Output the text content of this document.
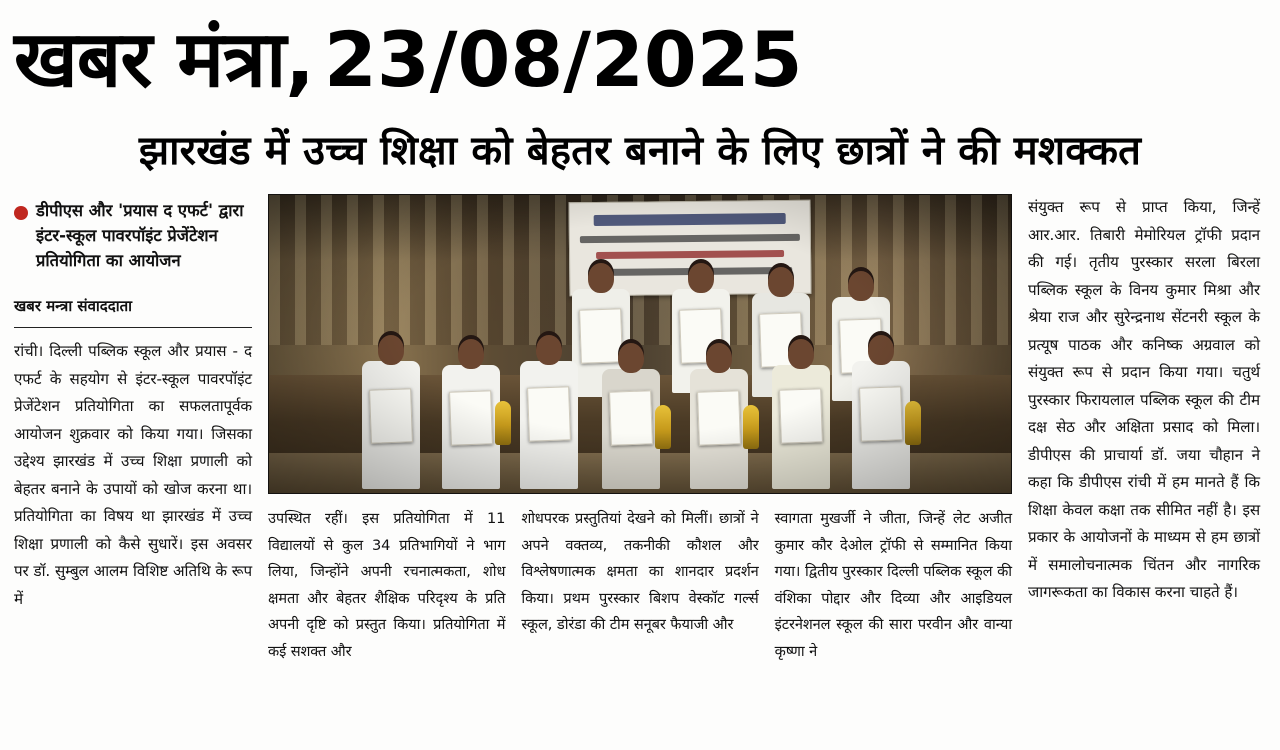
खबर मंत्रा, 23/08/2025
झारखंड में उच्च शिक्षा को बेहतर बनाने के लिए छात्रों ने की मशक्कत
डीपीएस और 'प्रयास द एफर्ट' द्वारा इंटर-स्कूल पावरपॉइंट प्रेजेंटेशन प्रतियोगिता का आयोजन
खबर मन्त्रा संवाददाता
रांची। दिल्ली पब्लिक स्कूल और प्रयास - द एफर्ट के सहयोग से इंटर-स्कूल पावरपॉइंट प्रेजेंटेशन प्रतियोगिता का सफलतापूर्वक आयोजन शुक्रवार को किया गया। जिसका उद्देश्य झारखंड में उच्च शिक्षा प्रणाली को बेहतर बनाने के उपायों को खोज करना था। प्रतियोगिता का विषय था झारखंड में उच्च शिक्षा प्रणाली को कैसे सुधारें। इस अवसर पर डॉ. सुम्बुल आलम विशिष्ट अतिथि के रूप में
उपस्थित रहीं। इस प्रतियोगिता में 11 विद्यालयों से कुल 34 प्रतिभागियों ने भाग लिया, जिन्होंने अपनी रचनात्मकता, शोध क्षमता और बेहतर शैक्षिक परिदृश्य के प्रति अपनी दृष्टि को प्रस्तुत किया। प्रतियोगिता में कई सशक्त और
शोधपरक प्रस्तुतियां देखने को मिलीं। छात्रों ने अपने वक्तव्य, तकनीकी कौशल और विश्लेषणात्मक क्षमता का शानदार प्रदर्शन किया। प्रथम पुरस्कार बिशप वेस्कॉट गर्ल्स स्कूल, डोरंडा की टीम सनूबर फैयाजी और
स्वागता मुखर्जी ने जीता, जिन्हें लेट अजीत कुमार कौर देओल ट्रॉफी से सम्मानित किया गया। द्वितीय पुरस्कार दिल्ली पब्लिक स्कूल की वंशिका पोद्दार और दिव्या और आइडियल इंटरनेशनल स्कूल की सारा परवीन और वान्या कृष्णा ने
संयुक्त रूप से प्राप्त किया, जिन्हें आर.आर. तिबारी मेमोरियल ट्रॉफी प्रदान की गई। तृतीय पुरस्कार सरला बिरला पब्लिक स्कूल के विनय कुमार मिश्रा और श्रेया राज और सुरेन्द्रनाथ सेंटनरी स्कूल के प्रत्यूष पाठक और कनिष्क अग्रवाल को संयुक्त रूप से प्रदान किया गया। चतुर्थ पुरस्कार फिरायलाल पब्लिक स्कूल की टीम दक्ष सेठ और अक्षिता प्रसाद को मिला। डीपीएस की प्राचार्या डॉ. जया चौहान ने कहा कि डीपीएस रांची में हम मानते हैं कि शिक्षा केवल कक्षा तक सीमित नहीं है। इस प्रकार के आयोजनों के माध्यम से हम छात्रों में समालोचनात्मक चिंतन और नागरिक जागरूकता का विकास करना चाहते हैं।
